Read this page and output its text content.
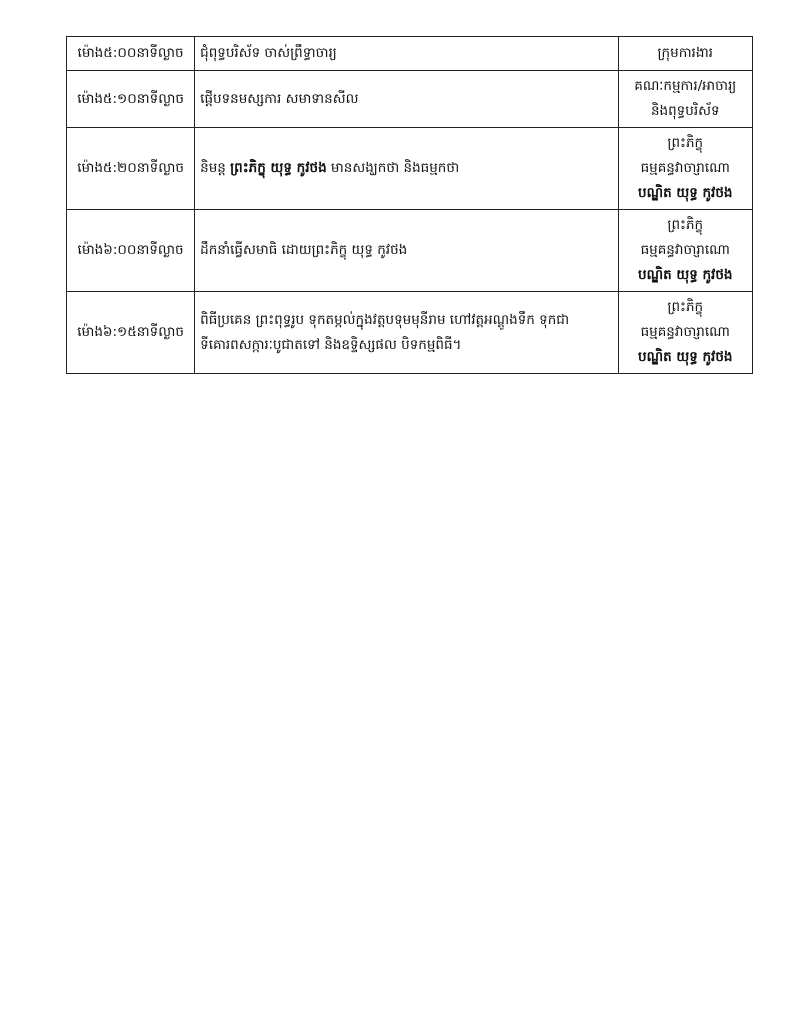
ម៉ោង៥:០០នាទីល្ងាច	ជុំពុទ្ធបរិស័ទ ចាស់ព្រឹទ្ធាចារ្យ	ក្រុមការងារ

ម៉ោង៥:១០នាទីល្ងាច	ផ្តើបទនមស្សការ សមាទានសីល	គណៈកម្មការ/អាចារ្យ
និងពុទ្ធបរិស័ទ

ម៉ោង៥:២០នាទីល្ងាច	និមន្ត ព្រះភិក្ខុ យុទ្ធ កូវថង មានសង្ឃកថា និងធម្មកថា	ព្រះភិក្ខុ
ធម្មគន្ធវាចារ្ញាណោ
បណ្ឌិត យុទ្ធ កូវថង

ម៉ោង៦:០០នាទីល្ងាច	ដឹកនាំធ្វើសមាធិ ដោយព្រះភិក្ខុ យុទ្ធ កូវថង	ព្រះភិក្ខុ
ធម្មគន្ធវាចារ្ញាណោ
បណ្ឌិត យុទ្ធ កូវថង

ម៉ោង៦:១៥នាទីល្ងាច	ពិធីប្រគេន ព្រះពុទ្ធរូប ទុកតម្កល់ក្នុងវត្តបទុមមុនីរាម ហៅវត្តអណ្តូងទឹក ទុកជា
ទីគោរពសក្ការៈបូជាតទៅ និងឧទ្ទិស្សផល បិទកម្មពិធី។	ព្រះភិក្ខុ
ធម្មគន្ធវាចារ្ញាណោ
បណ្ឌិត យុទ្ធ កូវថង
